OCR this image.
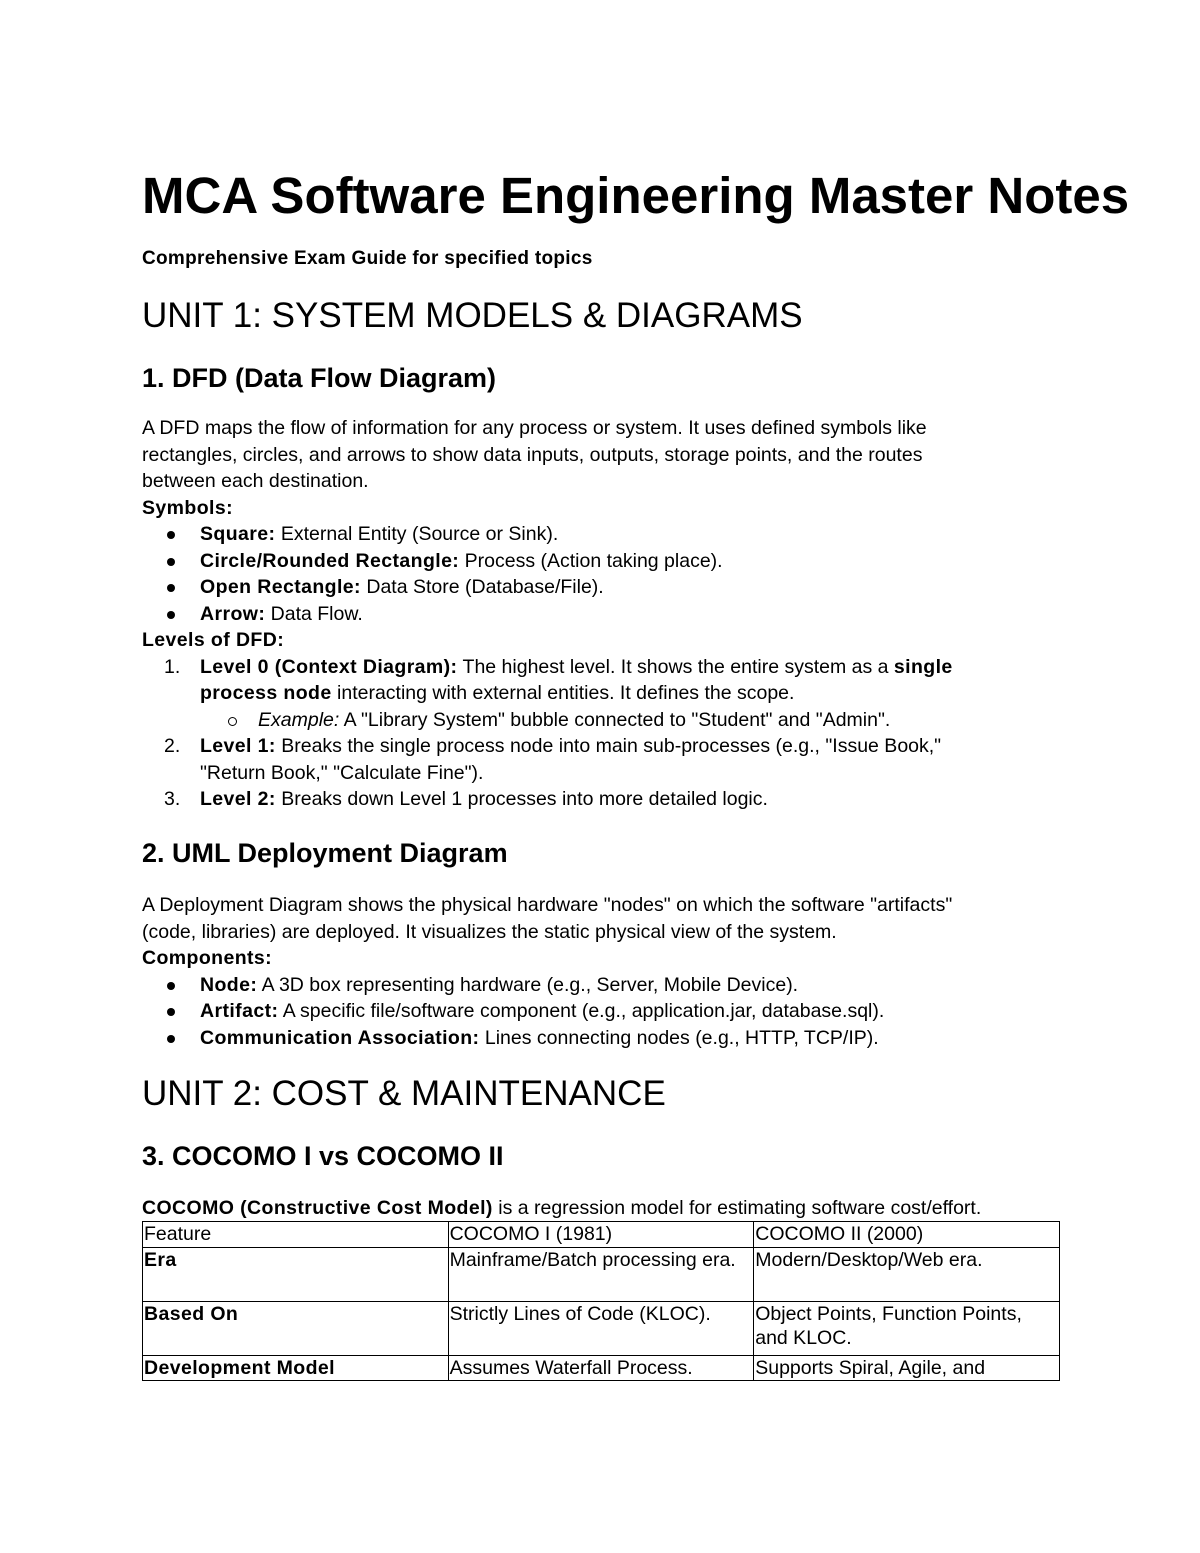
MCA Software Engineering Master Notes

Comprehensive Exam Guide for specified topics

UNIT 1: SYSTEM MODELS & DIAGRAMS
1. DFD (Data Flow Diagram)

A DFD maps the flow of information for any process or system. It uses defined symbols like

rectangles, circles, and arrows to show data inputs, outputs, storage points, and the routes

between each destination.

Symbols:

Square: External Entity (Source or Sink).
Circle/Rounded Rectangle: Process (Action taking place).
Open Rectangle: Data Store (Database/File).
Arrow: Data Flow.

Levels of DFD:

1. Level 0 (Context Diagram): The highest level. It shows the entire system as a single
process node interacting with external entities. It defines the scope.
Example: A "Library System" bubble connected to "Student" and "Admin".
2. Level 1: Breaks the single process node into main sub-processes (e.g., "Issue Book,"
"Return Book," "Calculate Fine").
3. Level 2: Breaks down Level 1 processes into more detailed logic.
2. UML Deployment Diagram

A Deployment Diagram shows the physical hardware "nodes" on which the software "artifacts"

(code, libraries) are deployed. It visualizes the static physical view of the system.

Components:

Node: A 3D box representing hardware (e.g., Server, Mobile Device).
Artifact: A specific file/software component (e.g., application.jar, database.sql).
Communication Association: Lines connecting nodes (e.g., HTTP, TCP/IP).
UNIT 2: COST & MAINTENANCE
3. COCOMO I vs COCOMO II

COCOMO (Constructive Cost Model) is a regression model for estimating software cost/effort.

Feature	COCOMO I (1981)	COCOMO II (2000)
Era	Mainframe/Batch processing era.	Modern/Desktop/Web era.
Based On	Strictly Lines of Code (KLOC).	Object Points, Function Points, and KLOC.
Development Model	Assumes Waterfall Process.	Supports Spiral, Agile, and
